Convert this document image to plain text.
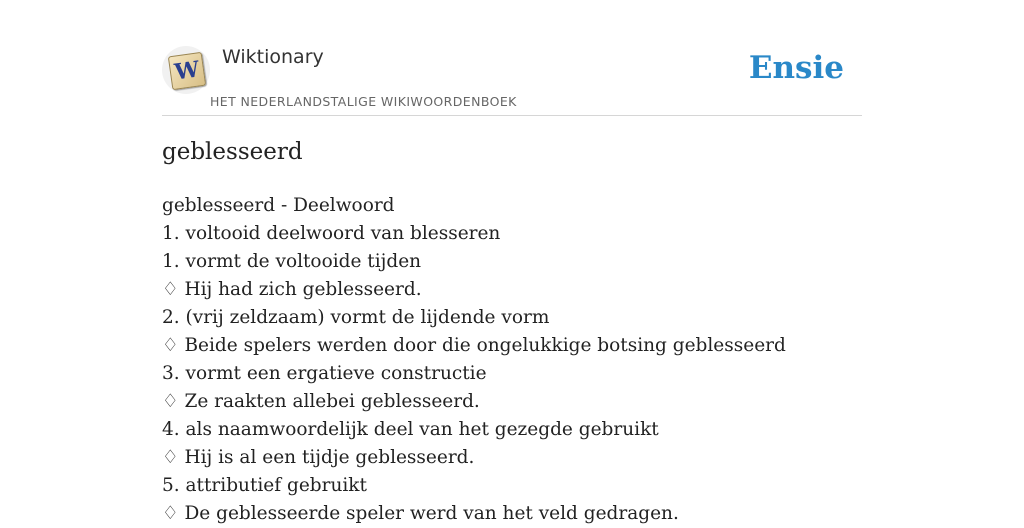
W Wiktionary
HET NEDERLANDSTALIGE WIKIWOORDENBOEK
Ensie
geblesseerd
geblesseerd - Deelwoord
1. voltooid deelwoord van blesseren
1. vormt de voltooide tijden
♢ Hij had zich geblesseerd.
2. (vrij zeldzaam) vormt de lijdende vorm
♢ Beide spelers werden door die ongelukkige botsing geblesseerd
3. vormt een ergatieve constructie
♢ Ze raakten allebei geblesseerd.
4. als naamwoordelijk deel van het gezegde gebruikt
♢ Hij is al een tijdje geblesseerd.
5. attributief gebruikt
♢ De geblesseerde speler werd van het veld gedragen.
